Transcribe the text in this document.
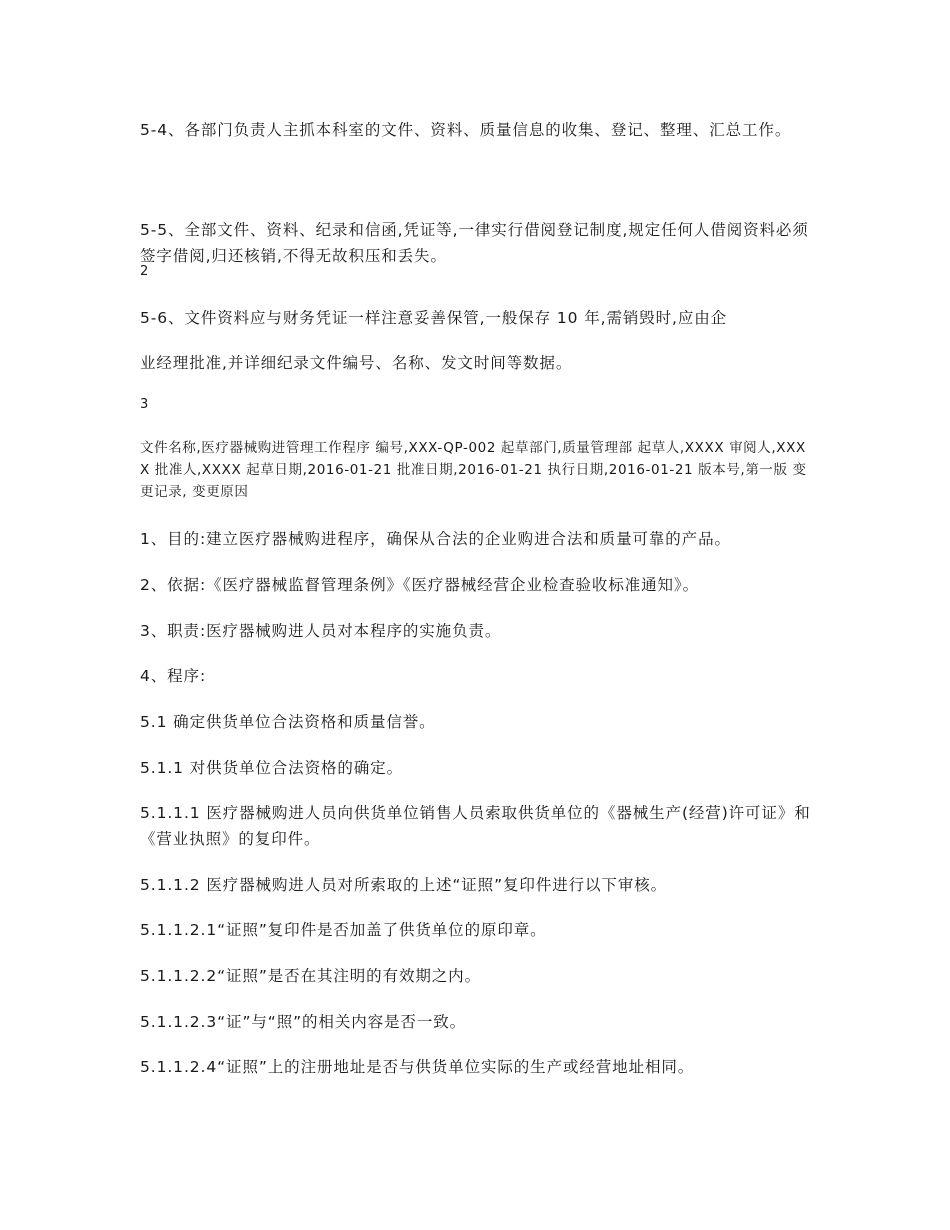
5-4、各部门负责人主抓本科室的文件、资料、质量信息的收集、登记、整理、汇总工作。

5-5、全部文件、资料、纪录和信函,凭证等,一律实行借阅登记制度,规定任何人借阅资料必须签字借阅,归还核销,不得无故积压和丢失。

2

5-6、文件资料应与财务凭证一样注意妥善保管,一般保存 10 年,需销毁时,应由企

业经理批准,并详细纪录文件编号、名称、发文时间等数据。

3

文件名称,医疗器械购进管理工作程序 编号,XXX-QP-002 起草部门,质量管理部 起草人,XXXX 审阅人,XXXX 批准人,XXXX 起草日期,2016-01-21 批准日期,2016-01-21 执行日期,2016-01-21 版本号,第一版 变更记录, 变更原因

1、目的:建立医疗器械购进程序，确保从合法的企业购进合法和质量可靠的产品。

2、依据:《医疗器械监督管理条例》《医疗器械经营企业检查验收标准通知》。

3、职责:医疗器械购进人员对本程序的实施负责。

4、程序:

5.1 确定供货单位合法资格和质量信誉。

5.1.1 对供货单位合法资格的确定。

5.1.1.1 医疗器械购进人员向供货单位销售人员索取供货单位的《器械生产(经营)许可证》和《营业执照》的复印件。

5.1.1.2 医疗器械购进人员对所索取的上述“证照”复印件进行以下审核。

5.1.1.2.1“证照”复印件是否加盖了供货单位的原印章。

5.1.1.2.2“证照”是否在其注明的有效期之内。

5.1.1.2.3“证”与“照”的相关内容是否一致。

5.1.1.2.4“证照”上的注册地址是否与供货单位实际的生产或经营地址相同。
